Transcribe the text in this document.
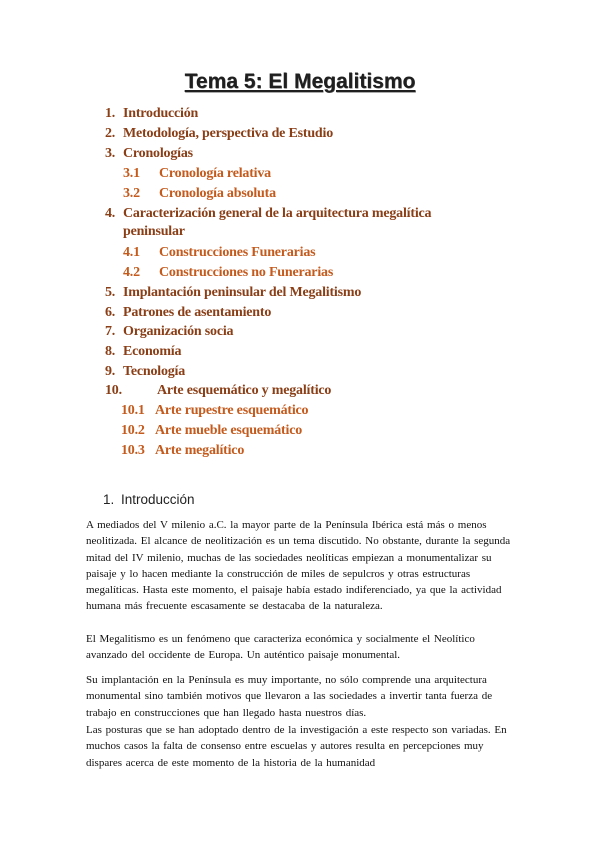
Tema 5: El Megalitismo
1. Introducción
2. Metodología, perspectiva de Estudio
3. Cronologías
3.1 Cronología relativa
3.2 Cronología absoluta
4. Caracterización general de la arquitectura megalítica
peninsular
4.1 Construcciones Funerarias
4.2 Construcciones no Funerarias
5. Implantación peninsular del Megalitismo
6. Patrones de asentamiento
7. Organización socia
8. Economía
9. Tecnología
10.	Arte esquemático y megalítico
10.1 Arte rupestre esquemático
10.2 Arte mueble esquemático
10.3 Arte megalítico
1. Introducción
A mediados del V milenio a.C. la mayor parte de la Península Ibérica está más o menos neolitizada. El alcance de neolitización es un tema discutido. No obstante, durante la segunda mitad del IV milenio, muchas de las sociedades neolíticas empiezan a monumentalizar su paisaje y lo hacen mediante la construcción de miles de sepulcros y otras estructuras megalíticas. Hasta este momento, el paisaje había estado indiferenciado, ya que la actividad humana más frecuente escasamente se destacaba de la naturaleza.
El Megalitismo es un fenómeno que caracteriza económica y socialmente el Neolítico avanzado del occidente de Europa. Un auténtico paisaje monumental.
Su implantación en la Península es muy importante, no sólo comprende una arquitectura monumental sino también motivos que llevaron a las sociedades a invertir tanta fuerza de trabajo en construcciones que han llegado hasta nuestros días.
Las posturas que se han adoptado dentro de la investigación a este respecto son variadas. En muchos casos la falta de consenso entre escuelas y autores resulta en percepciones muy dispares acerca de este momento de la historia de la humanidad
